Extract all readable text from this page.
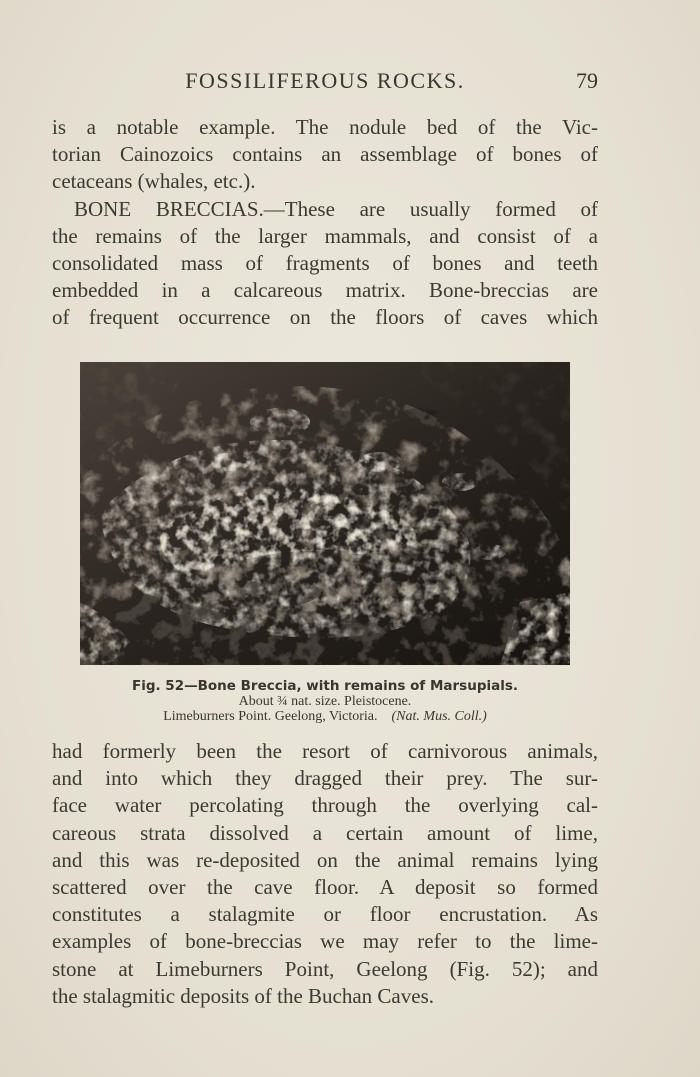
FOSSILIFEROUS ROCKS.	79
is a notable example. The nodule bed of the Vic-
torian Cainozoics contains an assemblage of bones of
cetaceans (whales, etc.).
BONE BRECCIAS.—These are usually formed of
the remains of the larger mammals, and consist of a
consolidated mass of fragments of bones and teeth
embedded in a calcareous matrix. Bone-breccias are
of frequent occurrence on the floors of caves which
Fig. 52—Bone Breccia, with remains of Marsupials.
About ¾ nat. size. Pleistocene.
Limeburners Point. Geelong, Victoria. (Nat. Mus. Coll.)
had formerly been the resort of carnivorous animals,
and into which they dragged their prey. The sur-
face water percolating through the overlying cal-
careous strata dissolved a certain amount of lime,
and this was re-deposited on the animal remains lying
scattered over the cave floor. A deposit so formed
constitutes a stalagmite or floor encrustation. As
examples of bone-breccias we may refer to the lime-
stone at Limeburners Point, Geelong (Fig. 52); and
the stalagmitic deposits of the Buchan Caves.
